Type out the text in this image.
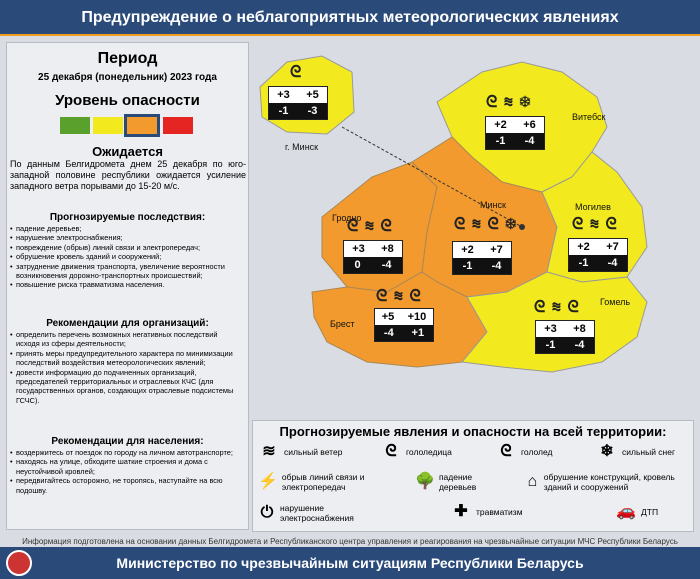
Предупреждение о неблагоприятных метеорологических явлениях
Период
25 декабря (понедельник) 2023 года
Уровень опасности
Ожидается
По данным Белгидромета днем 25 декабря по юго-западной половине республики ожидается усиление западного ветра порывами до 15-20 м/с.
Прогнозируемые последствия:
• падение деревьев;
• нарушение электроснабжения;
• повреждение (обрыв) линий связи и электропередач;
• обрушение кровель зданий и сооружений;
• затруднение движения транспорта, увеличение вероятности возникновения дорожно-транспортных происшествий;
• повышение риска травматизма населения.
Рекомендации для организаций:
• определить перечень возможных негативных последствий исходя из сферы деятельности;
• принять меры предупредительного характера по минимизации последствий воздействия метеорологических явлений;
• довести информацию до подчиненных организаций, председателей территориальных и отраслевых КЧС (для государственных органов, создающих отраслевые подсистемы ГСЧС).
Рекомендации для населения:
• воздержитесь от поездок по городу на личном автотранспорте;
• находясь на улице, обходите шаткие строения и дома с неустойчивой кровлей;
• передвигайтесь осторожно, не торопясь, наступайте на всю подошву.
г. Минск
Витебск
Минск
Гродно
Могилев
Брест
Гомель
ᘓ
+3 +5
-1 -3	ᘓ ≋ ❄
+2 +6
-1 -4
ᘓ ≋ ᘓ
+3 +8
0 -4
ᘓ ≋ ᘓ ❄
+2 +7
-1 -4
ᘓ ≋ ᘓ
+2 +7
-1 -4
ᘓ ≋ ᘓ
+5 +10
-4 +1
ᘓ ≋ ᘓ
+3 +8
-1 -4
Прогнозируемые явления и опасности на всей территории:
≋ сильный ветер	ᘓ	гололедица	ᘓ	гололед	❄ сильный снег
⚡ обрыв линий связи и электропередач	🌳 падение деревьев	⌂ обрушение конструкций, кровель зданий и сооружений
⏻ нарушение электроснабжения	✚ травматизм	🚗 ДТП
Информация подготовлена на основании данных Белгидромета и Республиканского центра управления и реагирования на чрезвычайные ситуации МЧС Республики Беларусь
Министерство по чрезвычайным ситуациям Республики Беларусь
